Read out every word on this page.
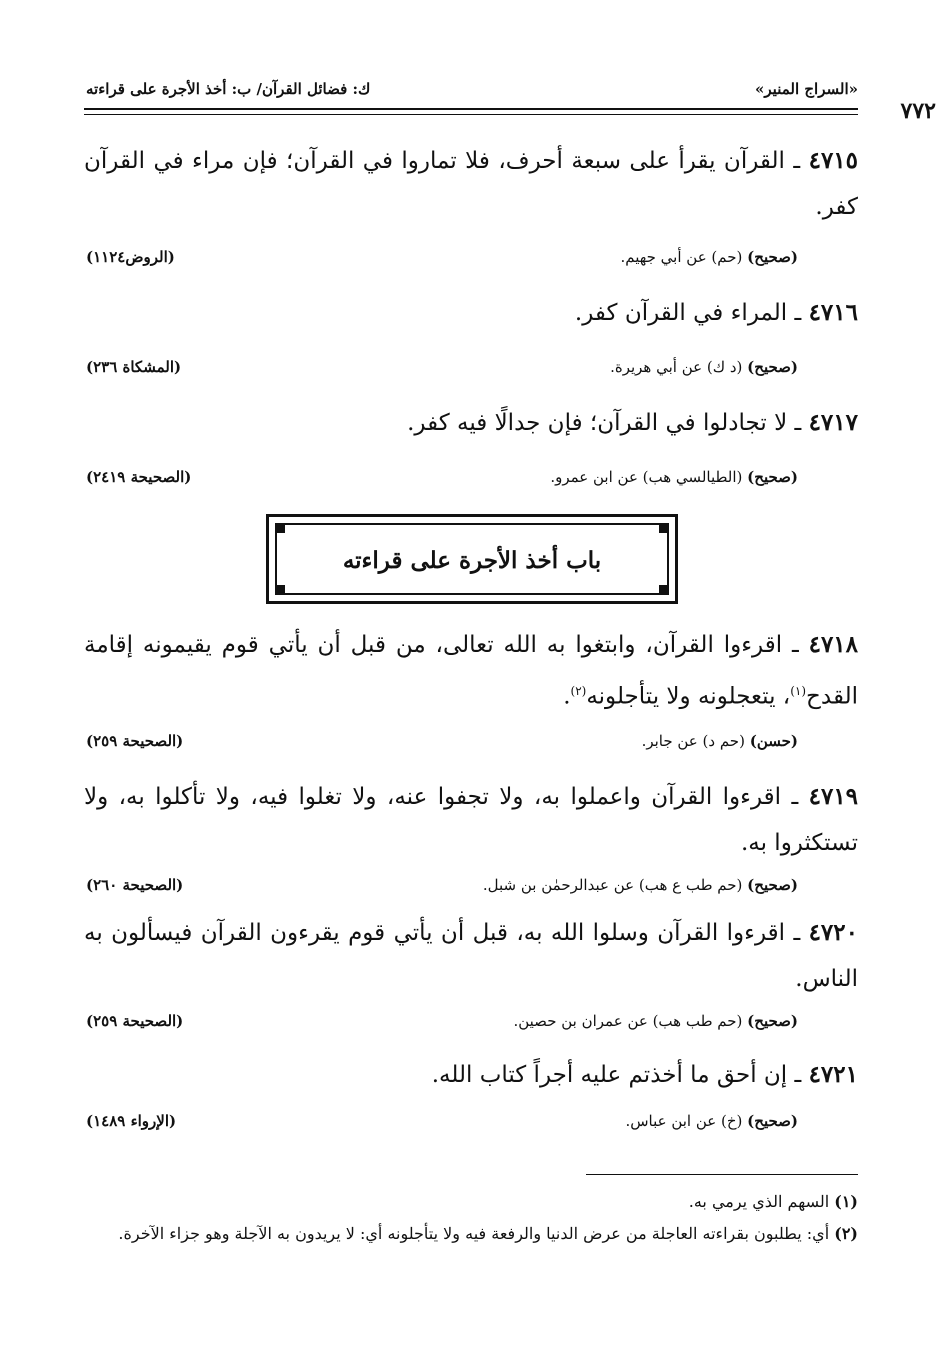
«السراج المنير»
ك: فضائل القرآن/ ب: أخذ الأجرة على قراءته
٧٧٢
٤٧١٥ ـ القرآن يقرأ على سبعة أحرف، فلا تماروا في القرآن؛ فإن مراء في القرآن كفر.
(صحيح) (حم) عن أبي جهيم.
(الروض١١٢٤)
٤٧١٦ ـ المراء في القرآن كفر.
(صحيح) (د ك) عن أبي هريرة.
(المشكاة ٢٣٦)
٤٧١٧ ـ لا تجادلوا في القرآن؛ فإن جدالًا فيه كفر.
(صحيح) (الطيالسي هب) عن ابن عمرو.
(الصحيحة ٢٤١٩)
باب أخذ الأجرة على قراءته
٤٧١٨ ـ اقرءوا القرآن، وابتغوا به الله تعالى، من قبل أن يأتي قوم يقيمونه إقامة القدح$^{(١)}$، يتعجلونه ولا يتأجلونه$^{(٢)}$.
(حسن) (حم د) عن جابر.
(الصحيحة ٢٥٩)
٤٧١٩ ـ اقرءوا القرآن واعملوا به، ولا تجفوا عنه، ولا تغلوا فيه، ولا تأكلوا به، ولا تستكثروا به.
(صحيح) (حم طب ع هب) عن عبدالرحمٰن بن شبل.
(الصحيحة ٢٦٠)
٤٧٢٠ ـ اقرءوا القرآن وسلوا الله به، قبل أن يأتي قوم يقرءون القرآن فيسألون به الناس.
(صحيح) (حم طب هب) عن عمران بن حصين.
(الصحيحة ٢٥٩)
٤٧٢١ ـ إن أحق ما أخذتم عليه أجراً كتاب الله.
(صحيح) (خ) عن ابن عباس.
(الإرواء ١٤٨٩)
(١) السهم الذي يرمي به.
(٢) أي: يطلبون بقراءته العاجلة من عرض الدنيا والرفعة فيه ولا يتأجلونه أي: لا يريدون به الآجلة وهو جزاء الآخرة.
